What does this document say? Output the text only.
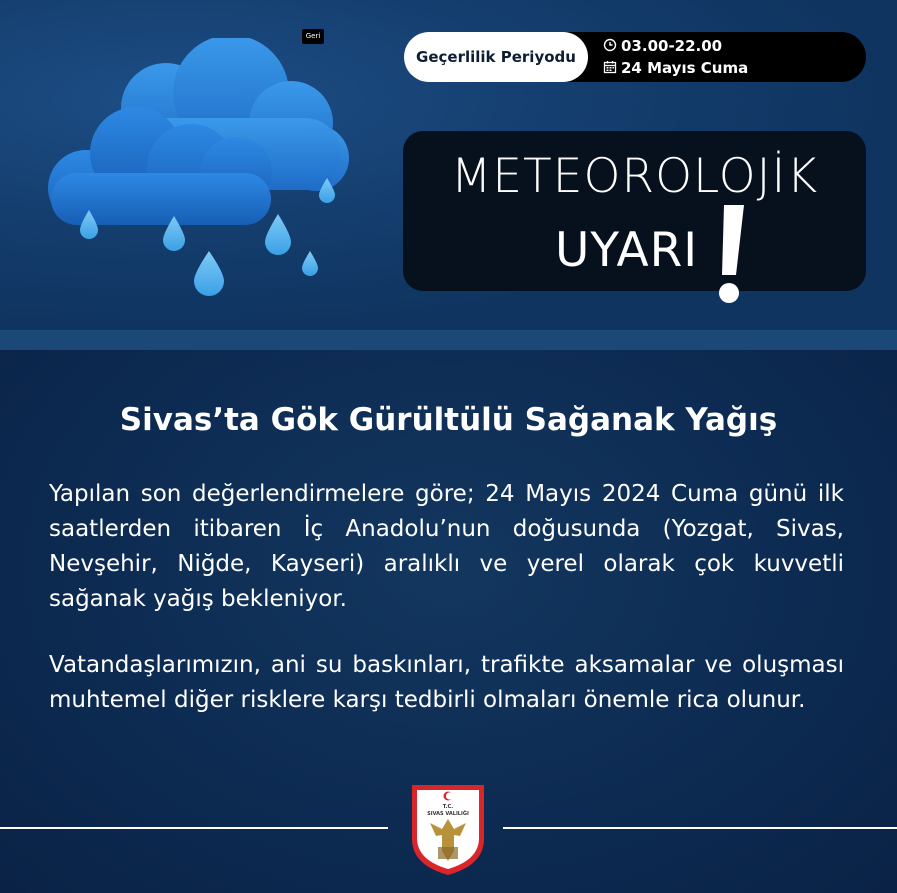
Geri
Geçerlilik Periyodu
03.00-22.00
24 Mayıs Cuma
METEOROLOJİK
UYARI
Sivas’ta Gök Gürültülü Sağanak Yağış

Yapılan son değerlendirmelere göre; 24 Mayıs 2024 Cuma günü ilk saatlerden itibaren İç Anadolu’nun doğusunda (Yozgat, Sivas, Nevşehir, Niğde, Kayseri) aralıklı ve yerel olarak çok kuvvetli sağanak yağış bekleniyor.

Vatandaşlarımızın, ani su baskınları, trafikte aksamalar ve oluşması muhtemel diğer risklere karşı tedbirli olmaları önemle rica olunur.

T.C.
SIVAS VALILIĞI
